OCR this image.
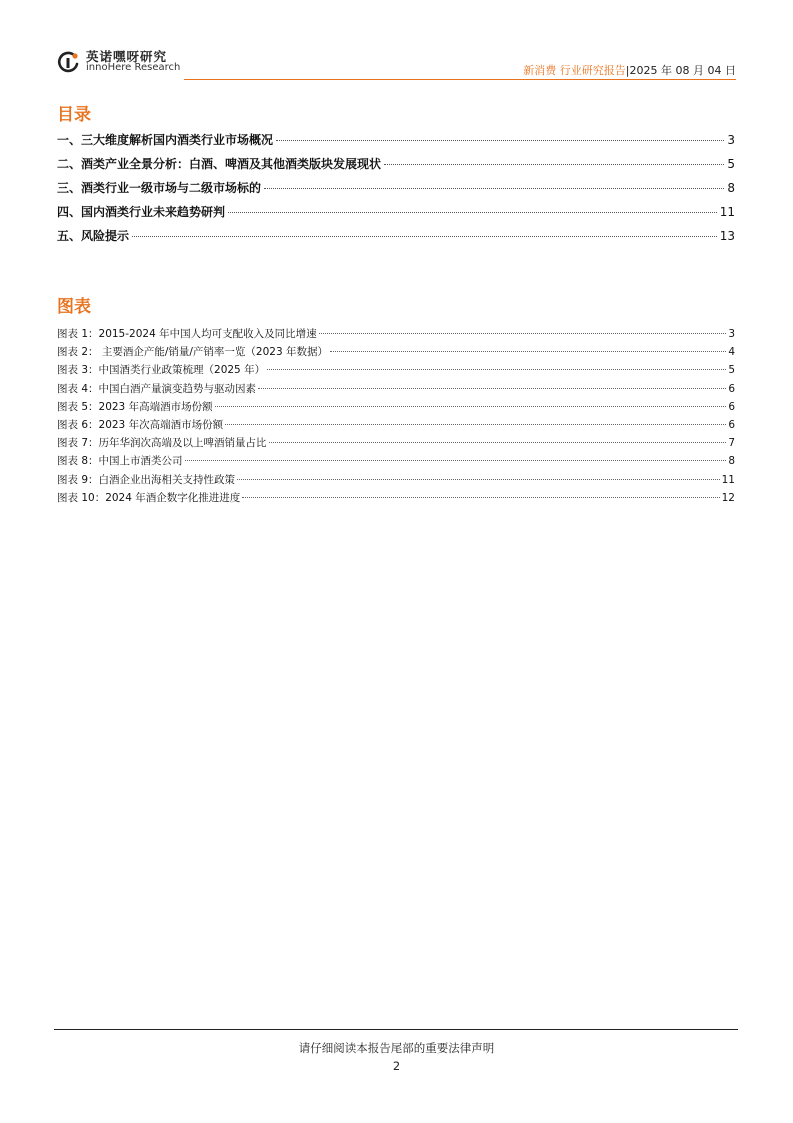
英诺嘿呀研究
innoHere Research	新消费 行业研究报告|2025 年 08 月 04 日
目录
一、三大维度解析国内酒类行业市场概况	3
二、酒类产业全景分析：白酒、啤酒及其他酒类版块发展现状	5
三、酒类行业一级市场与二级市场标的	8
四、国内酒类行业未来趋势研判	11
五、风险提示	13
图表
图表 1：2015-2024 年中国人均可支配收入及同比增速	3
图表 2： 主要酒企产能/销量/产销率一览（2023 年数据）	4
图表 3：中国酒类行业政策梳理（2025 年）	5
图表 4：中国白酒产量演变趋势与驱动因素	6
图表 5：2023 年高端酒市场份额	6
图表 6：2023 年次高端酒市场份额	6
图表 7：历年华润次高端及以上啤酒销量占比	7
图表 8：中国上市酒类公司	8
图表 9：白酒企业出海相关支持性政策	11
图表 10：2024 年酒企数字化推进进度	12
请仔细阅读本报告尾部的重要法律声明
2
